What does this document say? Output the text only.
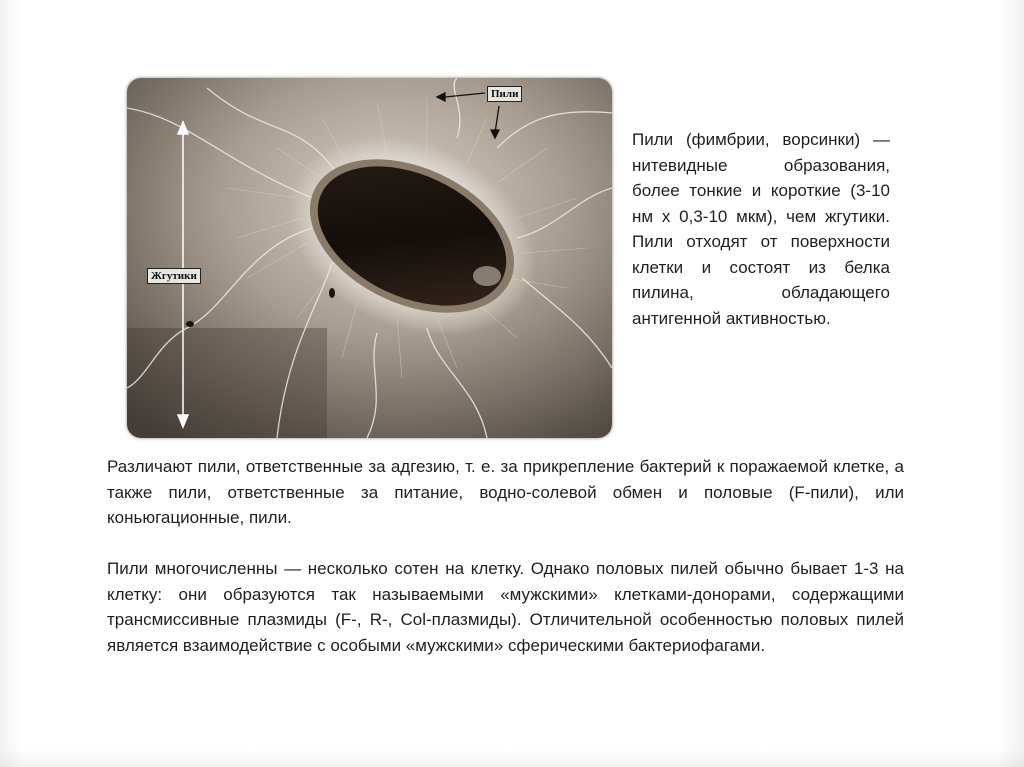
Пили
Жгутики
Пили (фимбрии, ворсинки) — нитевидные образования, более тонкие и короткие (3-10 нм х 0,3-10 мкм), чем жгутики. Пили отходят от поверхности клетки и состоят из белка пилина, обладающего антигенной активностью.

Различают пили, ответственные за адгезию, т. е. за прикрепление бактерий к поражаемой клетке, а также пили, ответственные за питание, водно-солевой обмен и половые (F-пили), или коньюгационные, пили.

Пили многочисленны — несколько сотен на клетку. Однако половых пилей обычно бывает 1-3 на клетку: они образуются так называемыми «мужскими» клетками-донорами, содержащими трансмиссивные плазмиды (F-, R-, Col-плазмиды). Отличительной особенностью половых пилей является взаимодействие с особыми «мужскими» сферическими бактериофагами.
